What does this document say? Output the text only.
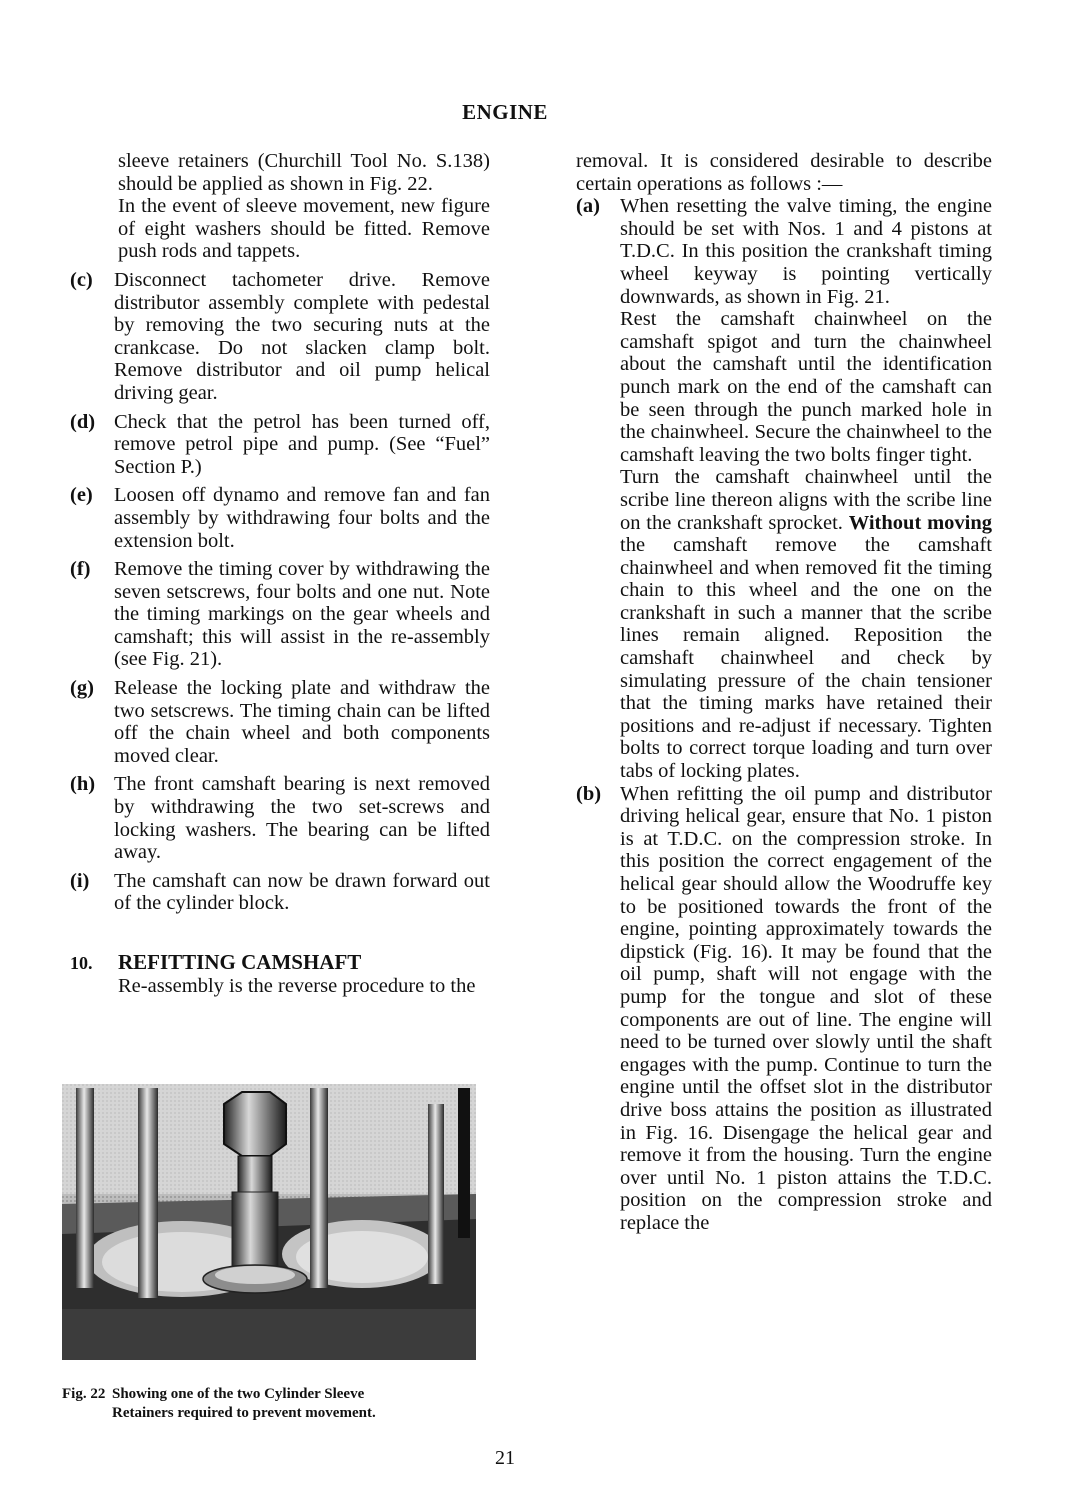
ENGINE
sleeve retainers (Churchill Tool No. S.138) should be applied as shown in Fig. 22.
In the event of sleeve movement, new figure of eight washers should be fitted. Remove push rods and tappets.
(c)	Disconnect tachometer drive. Remove distributor assembly complete with pedestal by removing the two securing nuts at the crankcase. Do not slacken clamp bolt. Remove distributor and oil pump helical driving gear.
(d) Check that the petrol has been turned off, remove petrol pipe and pump. (See “Fuel” Section P.)
(e)	Loosen off dynamo and remove fan and fan assembly by withdrawing four bolts and the extension bolt.
(f)	Remove the timing cover by withdrawing the seven setscrews, four bolts and one nut. Note the timing markings on the gear wheels and camshaft; this will assist in the re-assembly (see Fig. 21).
(g) Release the locking plate and withdraw the two setscrews. The timing chain can be lifted off the chain wheel and both components moved clear.
(h) The front camshaft bearing is next removed by withdrawing the two set-screws and locking washers. The bearing can be lifted away.
(i)	The camshaft can now be drawn forward out of the cylinder block.
10.	REFITTING CAMSHAFT
Re-assembly is the reverse procedure to the
Fig. 22 Showing one of the two Cylinder Sleeve
Retainers required to prevent movement.
removal. It is considered desirable to describe certain operations as follows :—
(a) When resetting the valve timing, the engine should be set with Nos. 1 and 4 pistons at T.D.C. In this position the crankshaft timing wheel keyway is pointing vertically downwards, as shown in Fig. 21.

Rest the camshaft chainwheel on the camshaft spigot and turn the chainwheel about the camshaft until the identification punch mark on the end of the camshaft can be seen through the punch marked hole in the chainwheel. Secure the chainwheel to the camshaft leaving the two bolts finger tight.

Turn the camshaft chainwheel until the scribe line thereon aligns with the scribe line on the crankshaft sprocket. Without moving the camshaft remove the camshaft chainwheel and when removed fit the timing chain to this wheel and the one on the crankshaft in such a manner that the scribe lines remain aligned. Reposition the camshaft chainwheel and check by simulating pressure of the chain tensioner that the timing marks have retained their positions and re-adjust if necessary. Tighten bolts to correct torque loading and turn over tabs of locking plates.

(b) When refitting the oil pump and distributor driving helical gear, ensure that No. 1 piston is at T.D.C. on the compression stroke. In this position the correct engagement of the helical gear should allow the Woodruffe key to be positioned towards the front of the engine, pointing approximately towards the dipstick (Fig. 16). It may be found that the oil pump, shaft will not engage with the pump for the tongue and slot of these components are out of line. The engine will need to be turned over slowly until the shaft engages with the pump. Continue to turn the engine until the offset slot in the distributor drive boss attains the position as illustrated in Fig. 16. Disengage the helical gear and remove it from the housing. Turn the engine over until No. 1 piston attains the T.D.C. position on the compression stroke and replace the
21
